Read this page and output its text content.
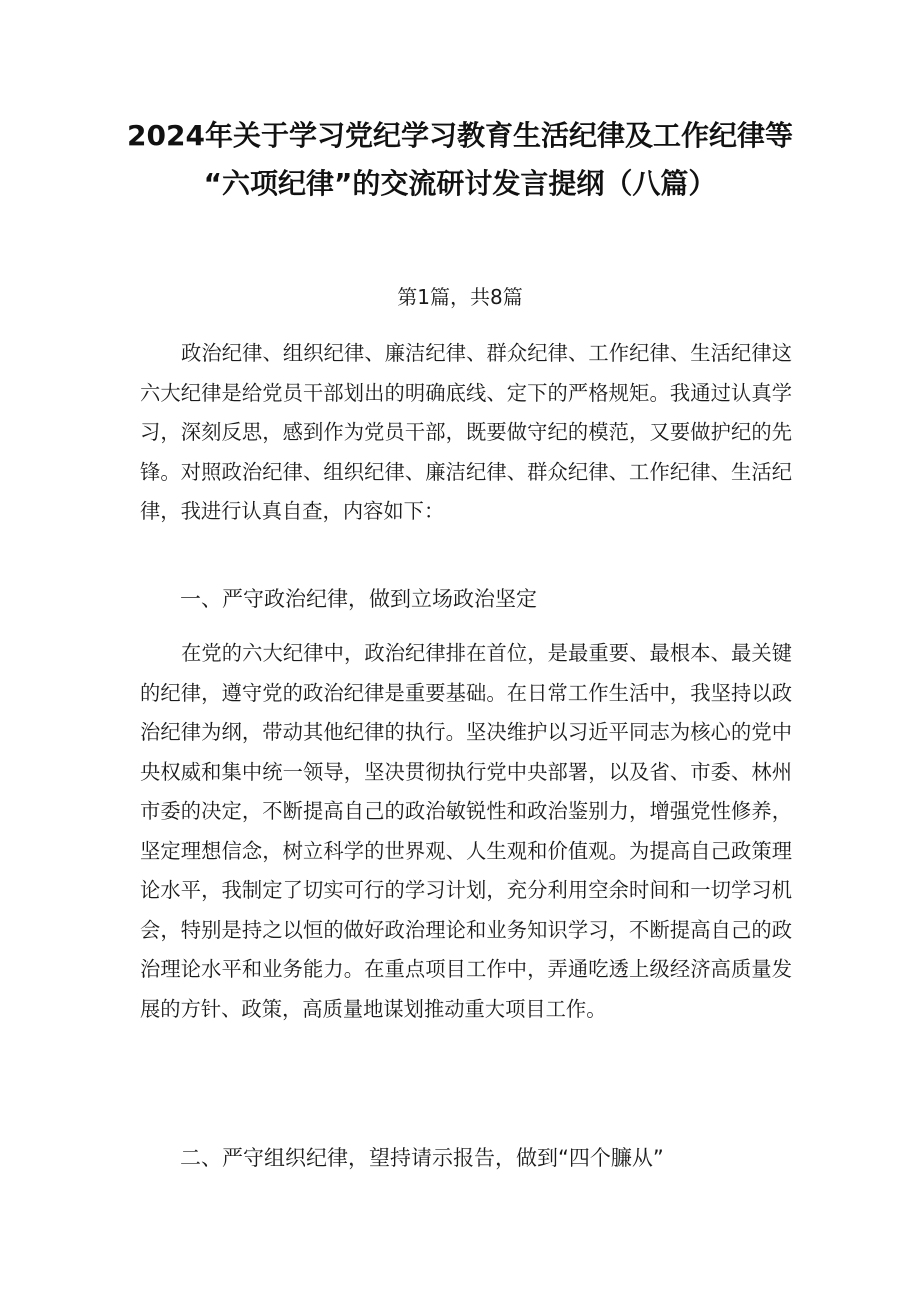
2024年关于学习党纪学习教育生活纪律及工作纪律等
“六项纪律”的交流研讨发言提纲（八篇）
第1篇，共8篇

政治纪律、组织纪律、廉洁纪律、群众纪律、工作纪律、生活纪律这六大纪律是给党员干部划出的明确底线、定下的严格规矩。我通过认真学习，深刻反思，感到作为党员干部，既要做守纪的模范，又要做护纪的先锋。对照政治纪律、组织纪律、廉洁纪律、群众纪律、工作纪律、生活纪律，我进行认真自查，内容如下：

一、严守政治纪律，做到立场政治坚定

在党的六大纪律中，政治纪律排在首位，是最重要、最根本、最关键的纪律，遵守党的政治纪律是重要基础。在日常工作生活中，我坚持以政治纪律为纲，带动其他纪律的执行。坚决维护以习近平同志为核心的党中央权威和集中统一领导，坚决贯彻执行党中央部署，以及省、市委、林州市委的决定，不断提高自己的政治敏锐性和政治鉴别力，增强党性修养，坚定理想信念，树立科学的世界观、人生观和价值观。为提高自己政策理论水平，我制定了切实可行的学习计划，充分利用空余时间和一切学习机会，特别是持之以恒的做好政治理论和业务知识学习，不断提高自己的政治理论水平和业务能力。在重点项目工作中，弄通吃透上级经济高质量发展的方针、政策，高质量地谋划推动重大项目工作。

二、严守组织纪律，望持请示报告，做到“四个臁从”
